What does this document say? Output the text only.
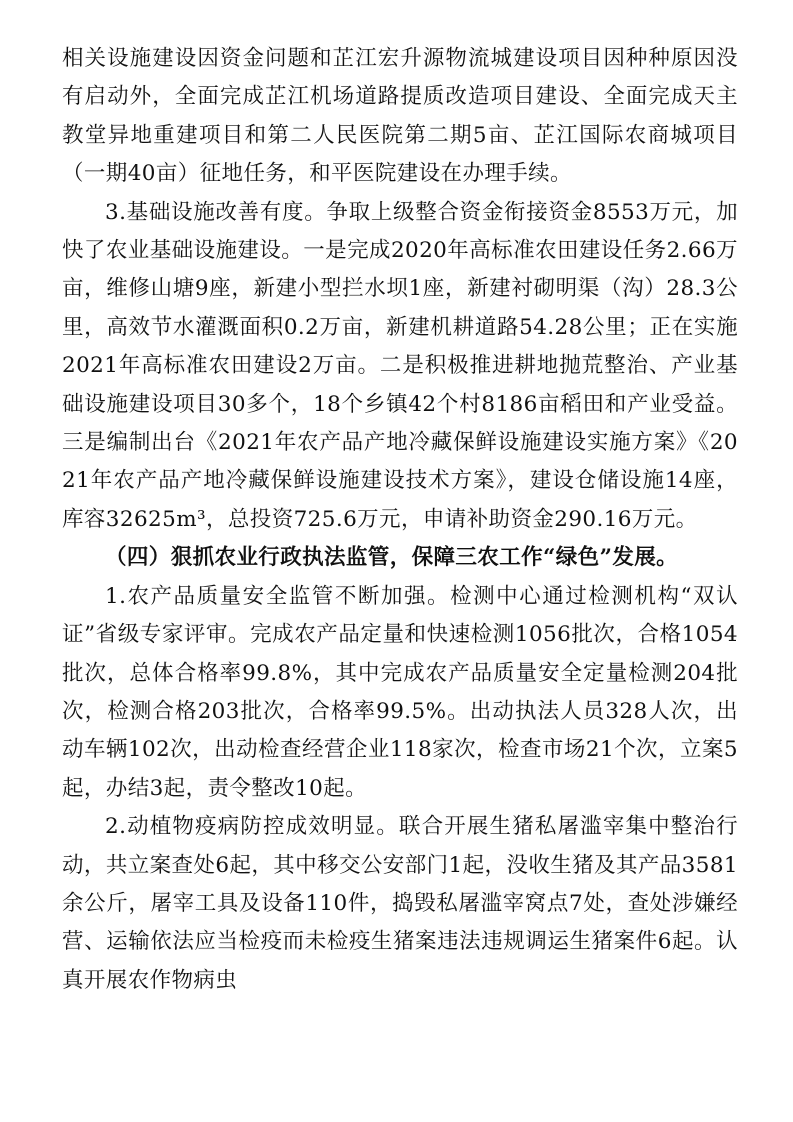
相关设施建设因资金问题和芷江宏升源物流城建设项目因种种原因没有启动外，全面完成芷江机场道路提质改造项目建设、全面完成天主教堂异地重建项目和第二人民医院第二期5亩、芷江国际农商城项目（一期40亩）征地任务，和平医院建设在办理手续。

3.基础设施改善有度。争取上级整合资金衔接资金8553万元，加快了农业基础设施建设。一是完成2020年高标准农田建设任务2.66万亩，维修山塘9座，新建小型拦水坝1座，新建衬砌明渠（沟）28.3公里，高效节水灌溉面积0.2万亩，新建机耕道路54.28公里；正在实施2021年高标准农田建设2万亩。二是积极推进耕地抛荒整治、产业基础设施建设项目30多个，18个乡镇42个村8186亩稻田和产业受益。三是编制出台《2021年农产品产地冷藏保鲜设施建设实施方案》《2021年农产品产地冷藏保鲜设施建设技术方案》，建设仓储设施14座，库容32625m³，总投资725.6万元，申请补助资金290.16万元。

（四）狠抓农业行政执法监管，保障三农工作“绿色”发展。

1.农产品质量安全监管不断加强。检测中心通过检测机构“双认证”省级专家评审。完成农产品定量和快速检测1056批次，合格1054批次，总体合格率99.8%，其中完成农产品质量安全定量检测204批次，检测合格203批次，合格率99.5%。出动执法人员328人次，出动车辆102次，出动检查经营企业118家次，检查市场21个次，立案5起，办结3起，责令整改10起。

2.动植物疫病防控成效明显。联合开展生猪私屠滥宰集中整治行动，共立案查处6起，其中移交公安部门1起，没收生猪及其产品3581余公斤，屠宰工具及设备110件，捣毁私屠滥宰窝点7处，查处涉嫌经营、运输依法应当检疫而未检疫生猪案违法违规调运生猪案件6起。认真开展农作物病虫
